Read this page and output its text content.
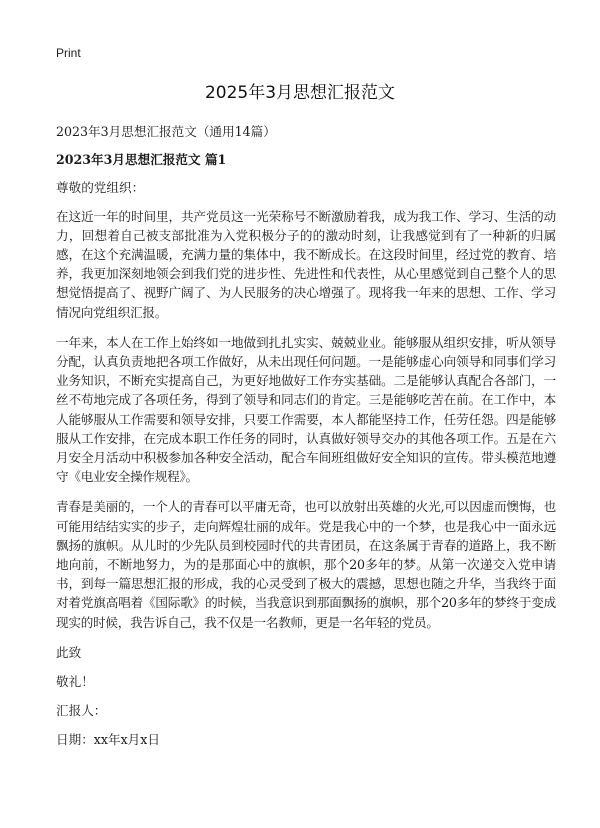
Print
2025年3月思想汇报范文

2023年3月思想汇报范文（通用14篇）

2023年3月思想汇报范文 篇1

尊敬的党组织：

在这近一年的时间里，共产党员这一光荣称号不断激励着我，成为我工作、学习、生活的动力，回想着自己被支部批准为入党积极分子的的激动时刻，让我感觉到有了一种新的归属感，在这个充满温暖，充满力量的集体中，我不断成长。在这段时间里，经过党的教育、培养，我更加深刻地领会到我们党的进步性、先进性和代表性，从心里感觉到自己整个人的思想觉悟提高了、视野广阔了、为人民服务的决心增强了。现将我一年来的思想、工作、学习情况向党组织汇报。

一年来，本人在工作上始终如一地做到扎扎实实、兢兢业业。能够服从组织安排，听从领导分配，认真负责地把各项工作做好，从未出现任何问题。一是能够虚心向领导和同事们学习业务知识，不断充实提高自己，为更好地做好工作夯实基础。二是能够认真配合各部门，一丝不苟地完成了各项任务，得到了领导和同志们的肯定。三是能够吃苦在前。在工作中，本人能够服从工作需要和领导安排，只要工作需要，本人都能坚持工作，任劳任怨。四是能够服从工作安排，在完成本职工作任务的同时，认真做好领导交办的其他各项工作。五是在六月安全月活动中积极参加各种安全活动，配合车间班组做好安全知识的宣传。带头模范地遵守《电业安全操作规程》。

青春是美丽的，一个人的青春可以平庸无奇，也可以放射出英雄的火光,可以因虚而懊悔，也可能用结结实实的步子，走向辉煌壮丽的成年。党是我心中的一个梦，也是我心中一面永远飘扬的旗帜。从儿时的少先队员到校园时代的共青团员，在这条属于青春的道路上，我不断地向前，不断地努力，为的是那面心中的旗帜，那个20多年的梦。从第一次递交入党申请书，到每一篇思想汇报的形成，我的心灵受到了极大的震撼，思想也随之升华，当我终于面对着党旗高唱着《国际歌》的时候，当我意识到那面飘扬的旗帜，那个20多年的梦终于变成现实的时候，我告诉自己，我不仅是一名教师，更是一名年轻的党员。

此致

敬礼！

汇报人：

日期：xx年x月x日
